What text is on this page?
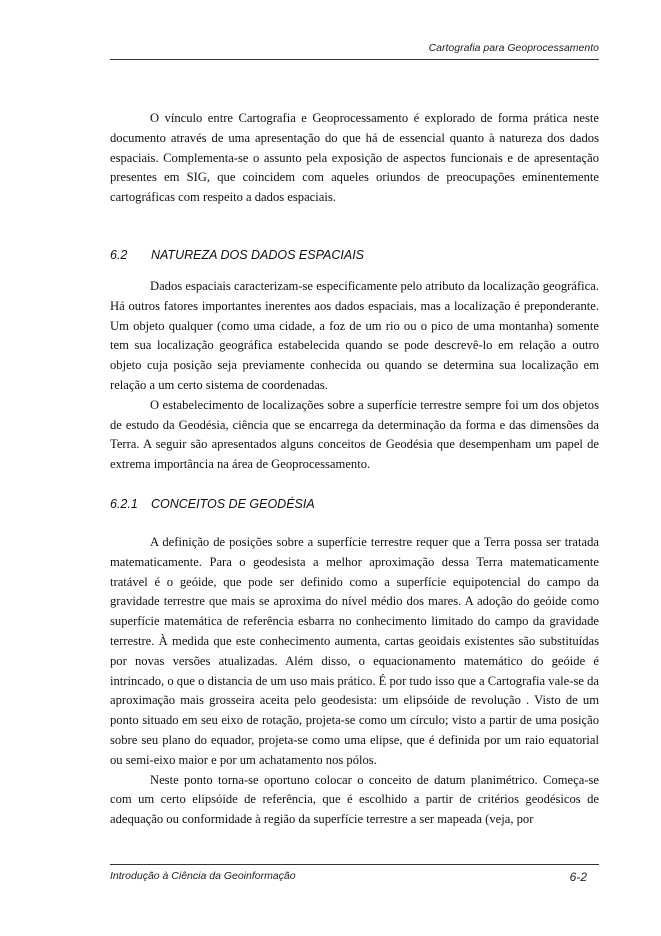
Cartografia para Geoprocessamento

O vínculo entre Cartografia e Geoprocessamento é explorado de forma prática neste documento através de uma apresentação do que há de essencial quanto à natureza dos dados espaciais. Complementa-se o assunto pela exposição de aspectos funcionais e de apresentação presentes em SIG, que coincidem com aqueles oriundos de preocupações eminentemente cartográficas com respeito a dados espaciais.

6.2 NATUREZA DOS DADOS ESPACIAIS

Dados espaciais caracterizam-se especificamente pelo atributo da localização geográfica. Há outros fatores importantes inerentes aos dados espaciais, mas a localização é preponderante. Um objeto qualquer (como uma cidade, a foz de um rio ou o pico de uma montanha) somente tem sua localização geográfica estabelecida quando se pode descrevê-lo em relação a outro objeto cuja posição seja previamente conhecida ou quando se determina sua localização em relação a um certo sistema de coordenadas.

O estabelecimento de localizações sobre a superfície terrestre sempre foi um dos objetos de estudo da Geodésia, ciência que se encarrega da determinação da forma e das dimensões da Terra. A seguir são apresentados alguns conceitos de Geodésia que desempenham um papel de extrema importância na área de Geoprocessamento.

6.2.1 CONCEITOS DE GEODÉSIA

A definição de posições sobre a superfície terrestre requer que a Terra possa ser tratada matematicamente. Para o geodesista a melhor aproximação dessa Terra matematicamente tratável é o geóide, que pode ser definido como a superfície equipotencial do campo da gravidade terrestre que mais se aproxima do nível médio dos mares. A adoção do geóide como superfície matemática de referência esbarra no conhecimento limitado do campo da gravidade terrestre. À medida que este conhecimento aumenta, cartas geoidais existentes são substituídas por novas versões atualizadas. Além disso, o equacionamento matemático do geóide é intrincado, o que o distancia de um uso mais prático. É por tudo isso que a Cartografia vale-se da aproximação mais grosseira aceita pelo geodesista: um elipsóide de revolução . Visto de um ponto situado em seu eixo de rotação, projeta-se como um círculo; visto a partir de uma posição sobre seu plano do equador, projeta-se como uma elipse, que é definida por um raio equatorial ou semi-eixo maior e por um achatamento nos pólos.

Neste ponto torna-se oportuno colocar o conceito de datum planimétrico. Começa-se com um certo elipsóide de referência, que é escolhido a partir de critérios geodésicos de adequação ou conformidade à região da superfície terrestre a ser mapeada (veja, por

Introdução à Ciência da Geoinformação	6-2
